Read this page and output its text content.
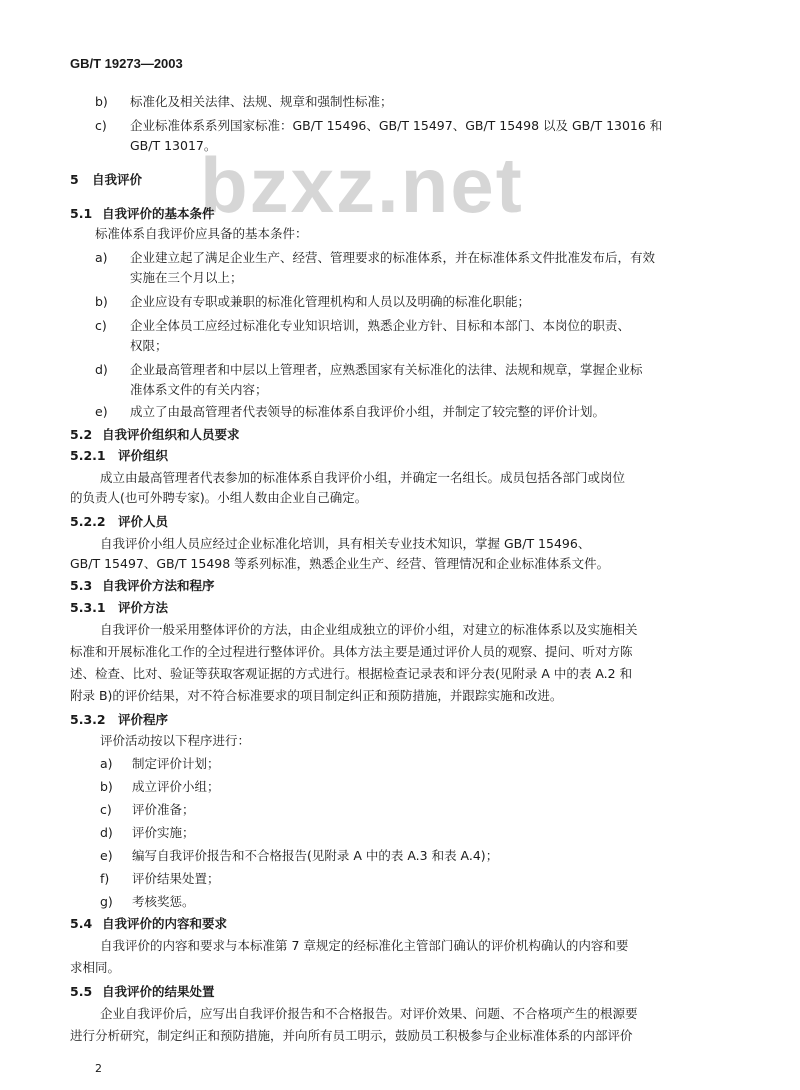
GB/T 19273—2003
bzxz.net
b) 标准化及相关法律、法规、规章和强制性标准；
c) 企业标准体系系列国家标准：GB/T 15496、GB/T 15497、GB/T 15498 以及 GB/T 13016 和
GB/T 13017。
5 自我评价
5.1 自我评价的基本条件
标准体系自我评价应具备的基本条件：
a) 企业建立起了满足企业生产、经营、管理要求的标准体系，并在标准体系文件批准发布后，有效
实施在三个月以上；
b) 企业应设有专职或兼职的标准化管理机构和人员以及明确的标准化职能；
c) 企业全体员工应经过标准化专业知识培训，熟悉企业方针、目标和本部门、本岗位的职责、
权限；
d) 企业最高管理者和中层以上管理者，应熟悉国家有关标准化的法律、法规和规章，掌握企业标
准体系文件的有关内容；
e) 成立了由最高管理者代表领导的标准体系自我评价小组，并制定了较完整的评价计划。
5.2 自我评价组织和人员要求
5.2.1 评价组织
成立由最高管理者代表参加的标准体系自我评价小组，并确定一名组长。成员包括各部门或岗位
的负责人(也可外聘专家)。小组人数由企业自己确定。
5.2.2 评价人员
自我评价小组人员应经过企业标准化培训，具有相关专业技术知识，掌握 GB/T 15496、
GB/T 15497、GB/T 15498 等系列标准，熟悉企业生产、经营、管理情况和企业标准体系文件。
5.3 自我评价方法和程序
5.3.1 评价方法
自我评价一般采用整体评价的方法，由企业组成独立的评价小组，对建立的标准体系以及实施相关
标准和开展标准化工作的全过程进行整体评价。具体方法主要是通过评价人员的观察、提问、听对方陈
述、检查、比对、验证等获取客观证据的方式进行。根据检查记录表和评分表(见附录 A 中的表 A.2 和
附录 B)的评价结果，对不符合标准要求的项目制定纠正和预防措施，并跟踪实施和改进。
5.3.2 评价程序
评价活动按以下程序进行：
a) 制定评价计划；
b) 成立评价小组；
c) 评价准备；
d) 评价实施；
e) 编写自我评价报告和不合格报告(见附录 A 中的表 A.3 和表 A.4)；
f) 评价结果处置；
g) 考核奖惩。
5.4 自我评价的内容和要求
自我评价的内容和要求与本标准第 7 章规定的经标准化主管部门确认的评价机构确认的内容和要
求相同。
5.5 自我评价的结果处置
企业自我评价后，应写出自我评价报告和不合格报告。对评价效果、问题、不合格项产生的根源要
进行分析研究，制定纠正和预防措施，并向所有员工明示，鼓励员工积极参与企业标准体系的内部评价
2
